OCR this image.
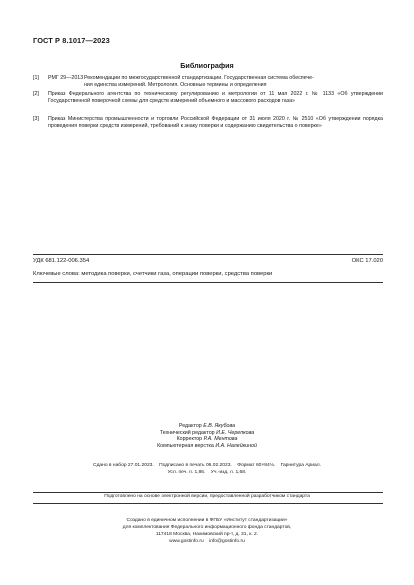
ГОСТ Р 8.1017—2023
Библиография
[1]	РМГ 29—2013Рекомендации по межгосударственной стандартизации. Государственная система обеспече-
ния единства измерений. Метрология. Основные термины и определения
[2]	Приказ Федерального агентства по техническому регулированию и метрологии от 11 мая 2022 г. № 1133 «Об утверждении Государственной поверочной схемы для средств измерений объемного и массового расходов газа»
[3]	Приказ Министерства промышленности и торговли Российской Федерации от 31 июля 2020 г. № 2510 «Об утверждении порядка проведения поверки средств измерений, требований к знаку поверки и содержанию свидетельства о поверке»
УДК 681.122-006.354	ОКС 17.020
Ключевые слова: методика поверки, счетчики газа, операции поверки, средства поверки
Редактор Е.В. Якубова
Технический редактор И.Е. Черепкова
Корректор Р.А. Ментова
Компьютерная верстка И.А. Налейкиной
Сдано в набор 27.01.2023.    Подписано в печать 06.02.2023.    Формат 60×84⅛.    Гарнитура Ариал.
Усл. печ. л. 1,86.    Уч.-изд. л. 1,68.
Подготовлено на основе электронной версии, предоставленной разработчиком стандарта
Создано в единичном исполнении в ФГБУ «Институт стандартизации»
для комплектования Федерального информационного фонда стандартов,
117418 Москва, Нахимовский пр-т, д. 31, к. 2.
www.gostinfo.ru    info@gostinfo.ru
